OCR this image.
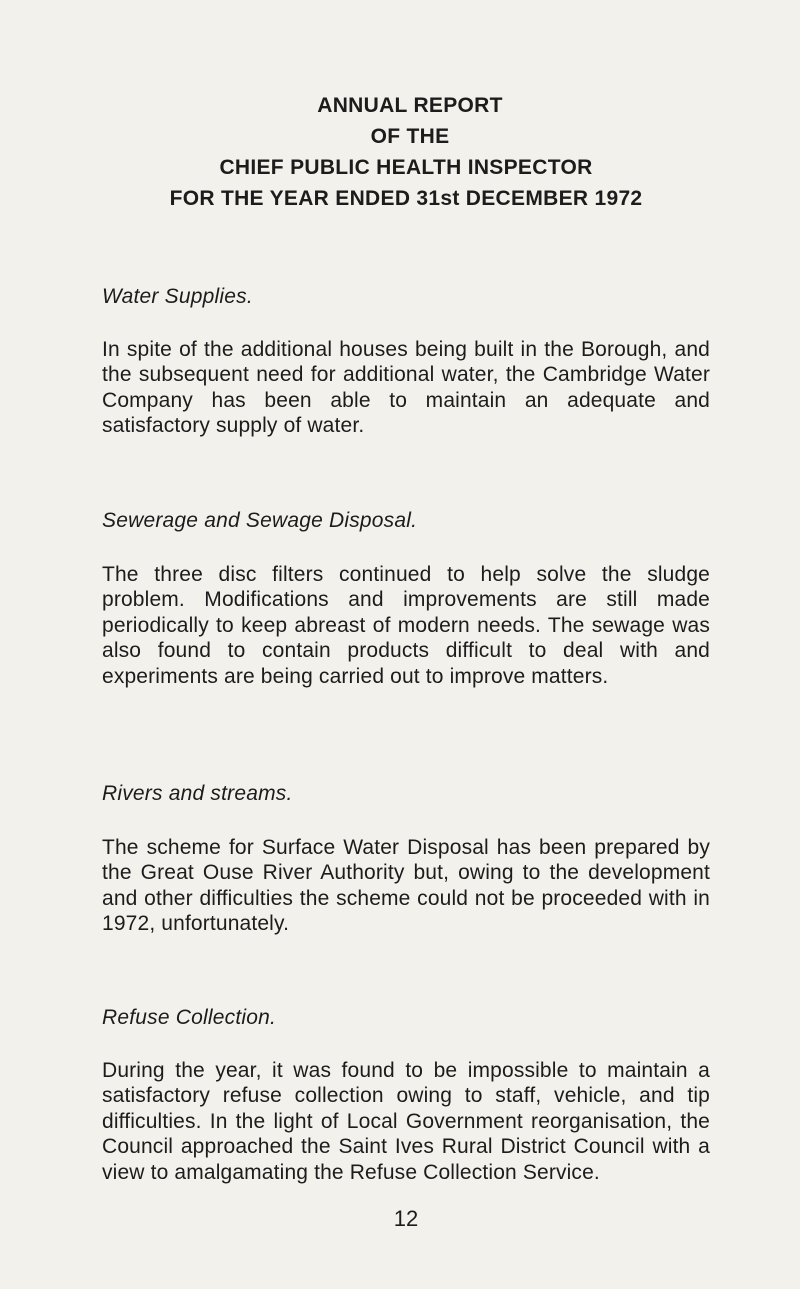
ANNUAL REPORT

OF THE

CHIEF PUBLIC HEALTH INSPECTOR

FOR THE YEAR ENDED 31st DECEMBER 1972

Water Supplies.

In spite of the additional houses being built in the Borough, and the subsequent need for additional water, the Cambridge Water Company has been able to maintain an adequate and satisfactory supply of water.

Sewerage and Sewage Disposal.

The three disc filters continued to help solve the sludge problem. Modifications and improvements are still made periodically to keep abreast of modern needs. The sewage was also found to contain products difficult to deal with and experiments are being carried out to improve matters.

Rivers and streams.

The scheme for Surface Water Disposal has been prepared by the Great Ouse River Authority but, owing to the development and other difficulties the scheme could not be proceeded with in 1972, unfortunately.

Refuse Collection.

During the year, it was found to be impossible to maintain a satisfactory refuse collection owing to staff, vehicle, and tip difficulties. In the light of Local Government reorganisation, the Council approached the Saint Ives Rural District Council with a view to amalgamating the Refuse Collection Service.

12
